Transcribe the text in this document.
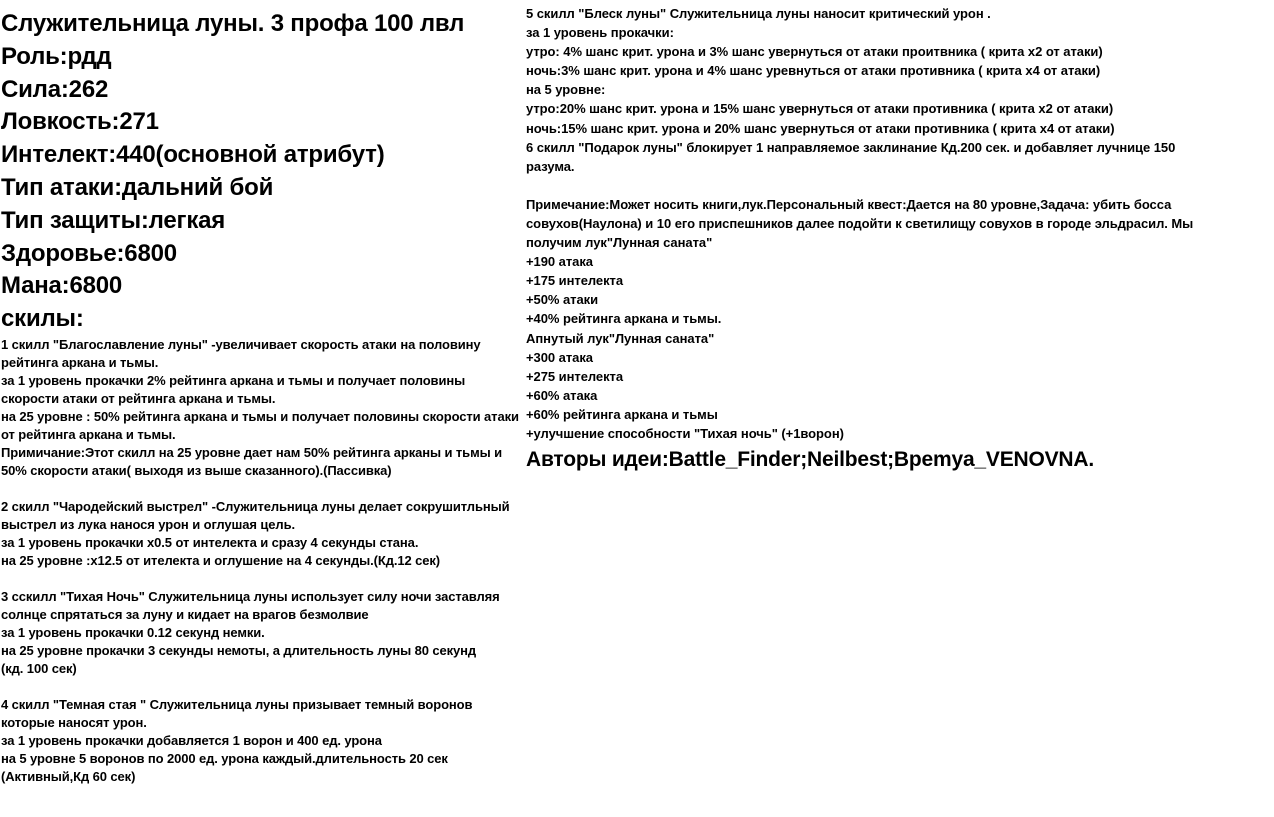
Служительница луны. 3 профа 100 лвл
Роль:рдд
Сила:262
Ловкость:271
Интелект:440(основной атрибут)
Тип атаки:дальний бой
Тип защиты:легкая
Здоровье:6800
Мана:6800
скилы:
1 скилл "Благославление луны" -увеличивает скорость атаки на половину
рейтинга аркана и тьмы.
за 1 уровень прокачки 2% рейтинга аркана и тьмы и получает половины
скорости атаки от рейтинга аркана и тьмы.
на 25 уровне : 50% рейтинга аркана и тьмы и получает половины скорости атаки
от рейтинга аркана и тьмы.
Примичание:Этот скилл на 25 уровне дает нам 50% рейтинга арканы и тьмы и
50% скорости атаки( выходя из выше сказанного).(Пассивка)
2 скилл "Чародейский выстрел" -Служительница луны делает сокрушитльный
выстрел из лука нанося урон и оглушая цель.
за 1 уровень прокачки x0.5 от интелекта и сразу 4 секунды стана.
на 25 уровне :x12.5 от ителекта и оглушение на 4 секунды.(Кд.12 сек)
3 сскилл "Тихая Ночь" Служительница луны использует силу ночи заставляя
солнце спрятаться за луну и кидает на врагов безмолвие
за 1 уровень прокачки 0.12 секунд немки.
на 25 уровне прокачки 3 секунды немоты, а длительность луны 80 секунд
(кд. 100 сек)
4 скилл "Темная стая " Служительница луны призывает темный воронов
которые наносят урон.
за 1 уровень прокачки добавляется 1 ворон и 400 ед. урона
на 5 уровне 5 воронов по 2000 ед. урона каждый.длительность 20 сек
(Активный,Кд 60 сек)
5 скилл "Блеск луны" Служительница луны наносит критический урон .
за 1 уровень прокачки:
утро: 4% шанс крит. урона и 3% шанс увернуться от атаки проитвника ( крита x2 от атаки)
ночь:3% шанс крит. урона и 4% шанс уревнуться от атаки противника ( крита x4 от атаки)
на 5 уровне:
утро:20% шанс крит. урона и 15% шанс увернуться от атаки противника ( крита x2 от атаки)
ночь:15% шанс крит. урона и 20% шанс увернуться от атаки противника ( крита x4 от атаки)
6 скилл "Подарок луны" блокирует 1 направляемое заклинание Кд.200 сек. и добавляет лучнице 150
разума.
Примечание:Может носить книги,лук.Персональный квест:Дается на 80 уровне,Задача: убить босса
совухов(Наулона) и 10 его приспешников далее подойти к светилищу совухов в городе эльдрасил. Мы
получим лук"Лунная саната"
+190 атака
+175 интелекта
+50% атаки
+40% рейтинга аркана и тьмы.
Апнутый лук"Лунная саната"
+300 атака
+275 интелекта
+60% атака
+60% рейтинга аркана и тьмы
+улучшение способности "Тихая ночь" (+1ворон)
Авторы идеи:Battle_Finder;Neilbest;Bpemya_VENOVNA.
